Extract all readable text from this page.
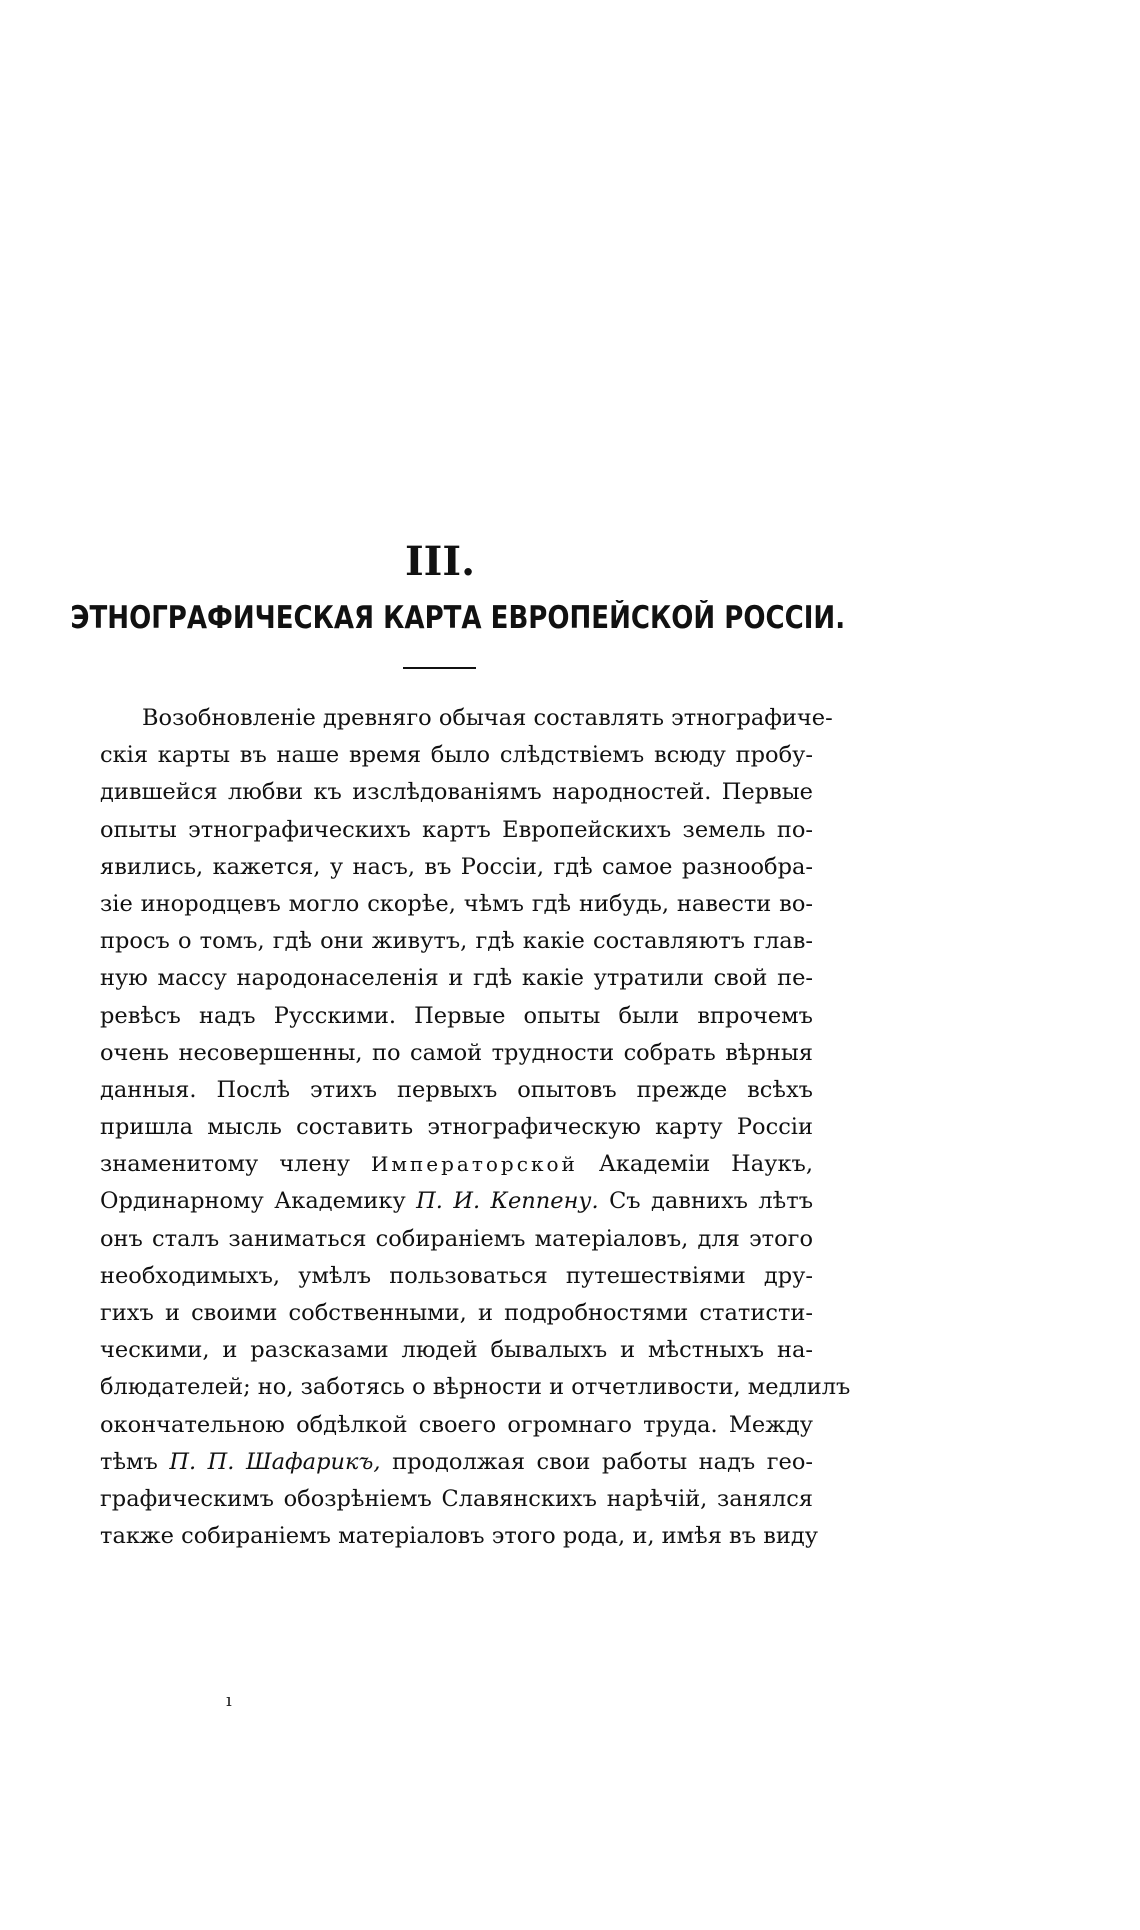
III.
ЭТНОГРАФИЧЕСКАЯ КАРТА ЕВРОПЕЙСКОЙ РОССІИ.
Возобновленіе древняго обычая составлять этнографиче-
скія карты въ наше время было слѣдствіемъ всюду пробу-
дившейся любви къ изслѣдованіямъ народностей. Первые
опыты этнографическихъ картъ Европейскихъ земель по-
явились, кажется, у насъ, въ Россіи, гдѣ самое разнообра-
зіе инородцевъ могло скорѣе, чѣмъ гдѣ нибудь, навести во-
просъ о томъ, гдѣ они живутъ, гдѣ какіе составляютъ глав-
ную массу народонаселенія и гдѣ какіе утратили свой пе-
ревѣсъ надъ Русскими. Первые опыты были впрочемъ
очень несовершенны, по самой трудности собрать вѣрныя
данныя. Послѣ этихъ первыхъ опытовъ прежде всѣхъ
пришла мысль составить этнографическую карту Россіи
знаменитому члену Императорской Академіи Наукъ,
Ординарному Академику П. И. Кеппену. Съ давнихъ лѣтъ
онъ сталъ заниматься собираніемъ матеріаловъ, для этого
необходимыхъ, умѣлъ пользоваться путешествіями дру-
гихъ и своими собственными, и подробностями статисти-
ческими, и разсказами людей бывалыхъ и мѣстныхъ на-
блюдателей; но, заботясь о вѣрности и отчетливости, медлилъ
окончательною обдѣлкой своего огромнаго труда. Между
тѣмъ П. П. Шафарикъ, продолжая свои работы надъ гео-
графическимъ обозрѣніемъ Славянскихъ нарѣчій, занялся
также собираніемъ матеріаловъ этого рода, и, имѣя въ виду
ı
